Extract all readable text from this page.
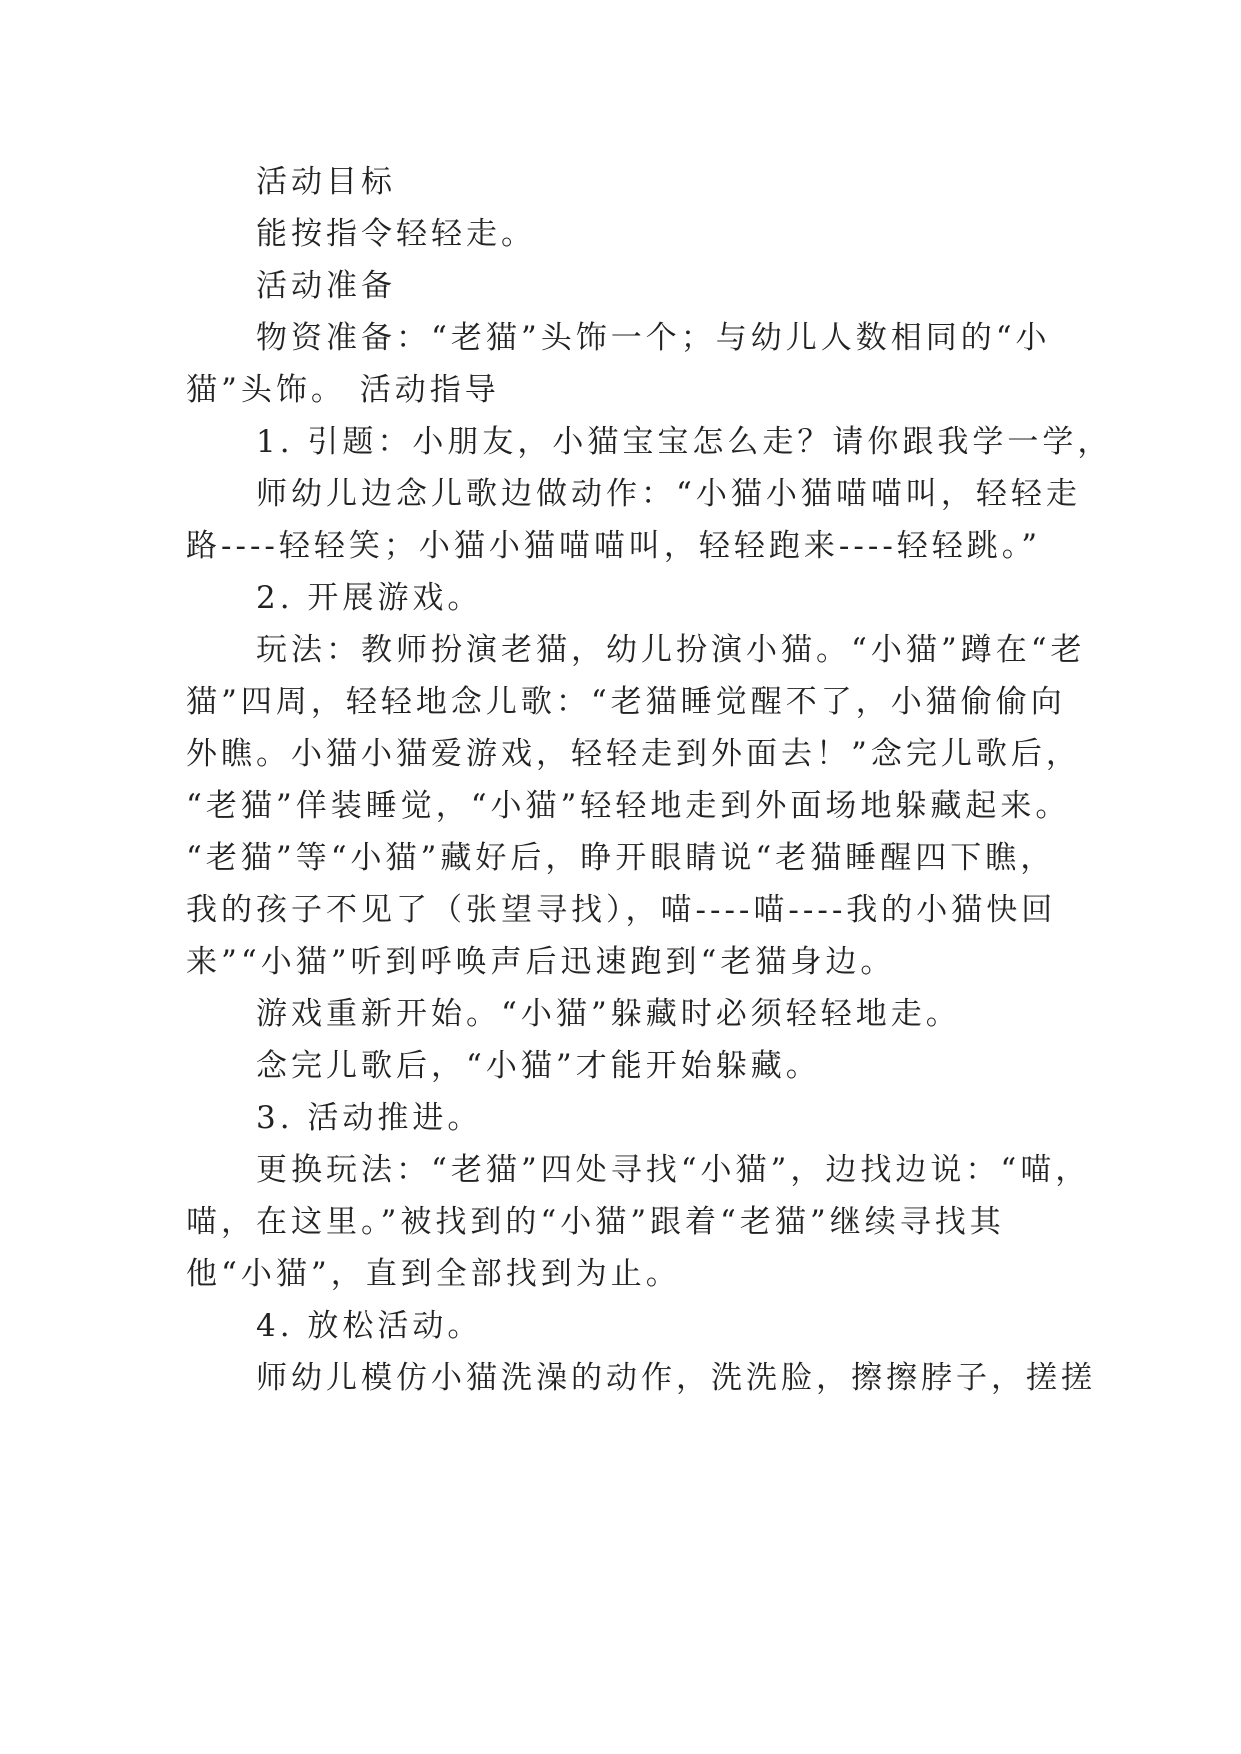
活动目标
能按指令轻轻走。
活动准备
物资准备：“老猫”头饰一个；与幼儿人数相同的“小
猫”头饰。 活动指导
1. 引题：小朋友，小猫宝宝怎么走？请你跟我学一学，
师幼儿边念儿歌边做动作：“小猫小猫喵喵叫，轻轻走
路----轻轻笑；小猫小猫喵喵叫，轻轻跑来----轻轻跳。”
2. 开展游戏。
玩法：教师扮演老猫，幼儿扮演小猫。“小猫”蹲在“老
猫”四周，轻轻地念儿歌：“老猫睡觉醒不了，小猫偷偷向
外瞧。小猫小猫爱游戏，轻轻走到外面去！”念完儿歌后，
“老猫”佯装睡觉，“小猫”轻轻地走到外面场地躲藏起来。
“老猫”等“小猫”藏好后，睁开眼睛说“老猫睡醒四下瞧，
我的孩子不见了（张望寻找），喵----喵----我的小猫快回
来”“小猫”听到呼唤声后迅速跑到“老猫身边。
游戏重新开始。“小猫”躲藏时必须轻轻地走。
念完儿歌后，“小猫”才能开始躲藏。
3. 活动推进。
更换玩法：“老猫”四处寻找“小猫”，边找边说：“喵，
喵，在这里。”被找到的“小猫”跟着“老猫”继续寻找其
他“小猫”，直到全部找到为止。
4. 放松活动。
师幼儿模仿小猫洗澡的动作，洗洗脸，擦擦脖子，搓搓
